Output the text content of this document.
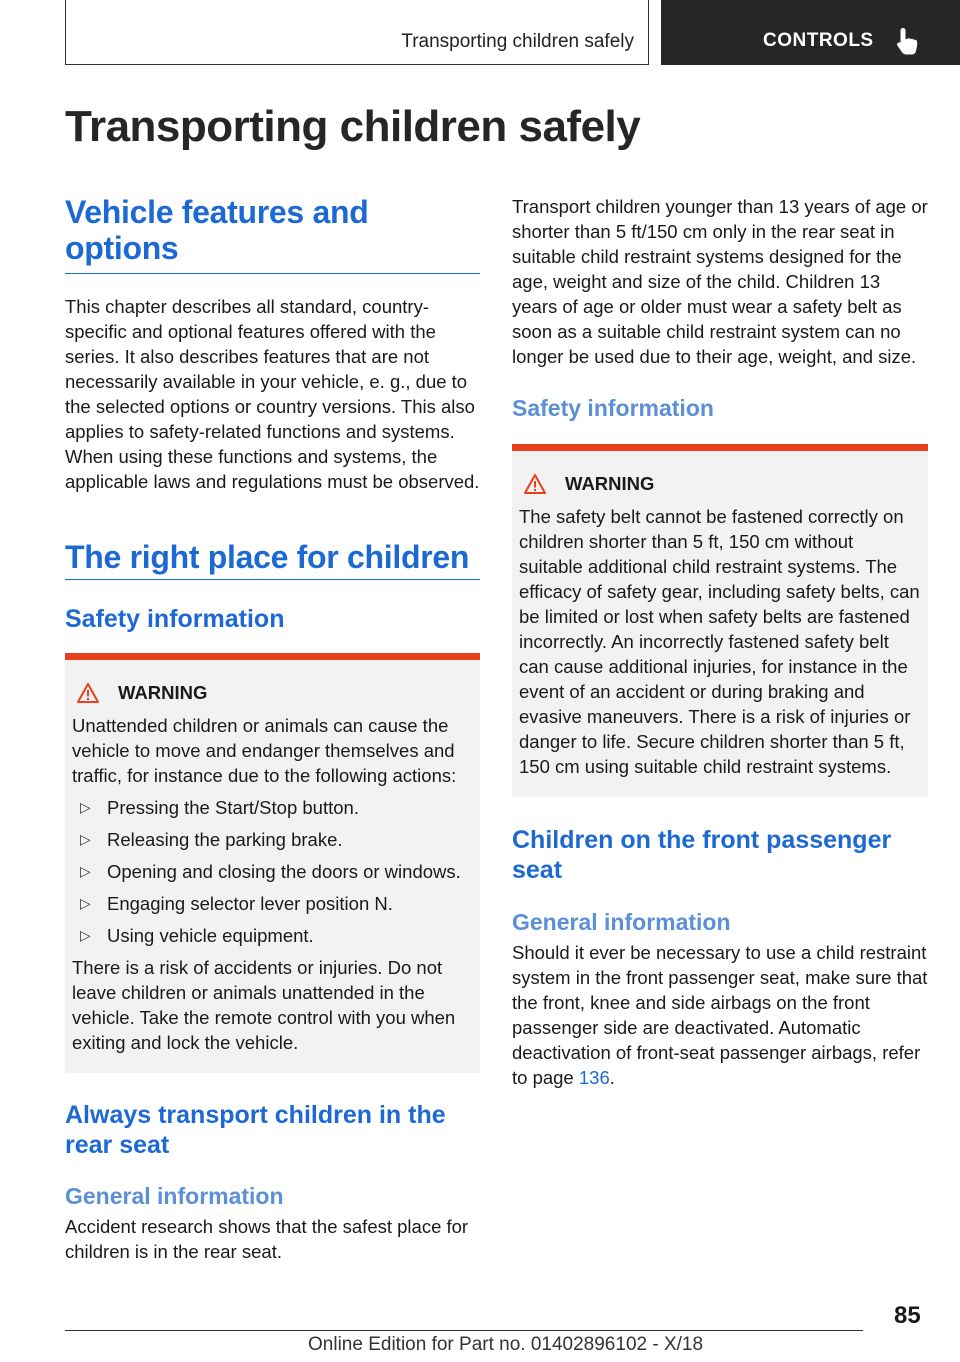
Transporting children safely	CONTROLS
Transporting children safely
Vehicle features and
options
This chapter describes all standard, country-specific and optional features offered with the series. It also describes features that are not necessarily available in your vehicle, e. g., due to the selected options or country versions. This also applies to safety-related functions and systems. When using these functions and systems, the applicable laws and regulations must be observed.
The right place for children
Safety information
WARNING
Unattended children or animals can cause the vehicle to move and endanger themselves and traffic, for instance due to the following actions:
▷ Pressing the Start/Stop button.
▷ Releasing the parking brake.
▷ Opening and closing the doors or windows.
▷ Engaging selector lever position N.
▷ Using vehicle equipment.
There is a risk of accidents or injuries. Do not leave children or animals unattended in the vehicle. Take the remote control with you when exiting and lock the vehicle.
Always transport children in the
rear seat
General information
Accident research shows that the safest place for children is in the rear seat.
Transport children younger than 13 years of age or shorter than 5 ft/150 cm only in the rear seat in suitable child restraint systems designed for the age, weight and size of the child. Children 13 years of age or older must wear a safety belt as soon as a suitable child restraint system can no longer be used due to their age, weight, and size.
Safety information
WARNING
The safety belt cannot be fastened correctly on children shorter than 5 ft, 150 cm without suitable additional child restraint systems. The efficacy of safety gear, including safety belts, can be limited or lost when safety belts are fastened incorrectly. An incorrectly fastened safety belt can cause additional injuries, for instance in the event of an accident or during braking and evasive maneuvers. There is a risk of injuries or danger to life. Secure children shorter than 5 ft, 150 cm using suitable child restraint systems.
Children on the front passenger
seat
General information
Should it ever be necessary to use a child restraint system in the front passenger seat, make sure that the front, knee and side airbags on the front passenger side are deactivated. Automatic deactivation of front-seat passenger airbags, refer to page 136.
85
Online Edition for Part no. 01402896102 - X/18
